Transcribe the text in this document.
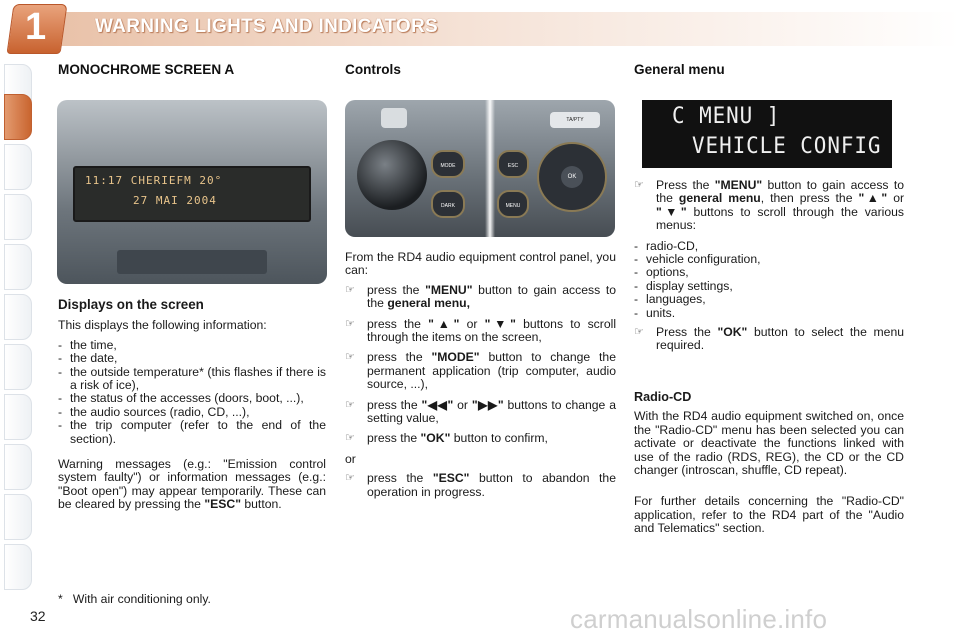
1	WARNING LIGHTS AND INDICATORS
MONOCHROME SCREEN A	Controls	General menu
11:17 CHERIEFM 20°
27 MAI 2004
Displays on the screen
This displays the following information:
- the time,
- the date,
- the outside temperature* (this flashes if there is a risk of ice),
- the status of the accesses (doors, boot, ...),
- the audio sources (radio, CD, ...),
- the trip computer (refer to the end of the section).
Warning messages (e.g.: "Emission control system faulty") or information messages (e.g.: "Boot open") may appear temporarily. These can be cleared by pressing the "ESC" button.
* With air conditioning only.
MODE
DARK
ESC
MENU
OK
TA/PTY
From the RD4 audio equipment control panel, you can:
☞ press the "MENU" button to gain access to the general menu,
☞ press the "▲" or "▼" buttons to scroll through the items on the screen,
☞ press the "MODE" button to change the permanent application (trip computer, audio source, ...),
☞ press the "◀◀" or "▶▶" buttons to change a setting value,
☞ press the "OK" button to confirm,
or
☞ press the "ESC" button to abandon the operation in progress.
C MENU ]
VEHICLE CONFIG
☞ Press the "MENU" button to gain access to the general menu, then press the "▲" or "▼" buttons to scroll through the various menus:
- radio-CD,
- vehicle configuration,
- options,
- display settings,
- languages,
- units.
☞ Press the "OK" button to select the menu required.
Radio-CD
With the RD4 audio equipment switched on, once the "Radio-CD" menu has been selected you can activate or deactivate the functions linked with use of the radio (RDS, REG), the CD or the CD changer (introscan, shuffle, CD repeat).
For further details concerning the "Radio-CD" application, refer to the RD4 part of the "Audio and Telematics" section.
32	carmanualsonline.info
